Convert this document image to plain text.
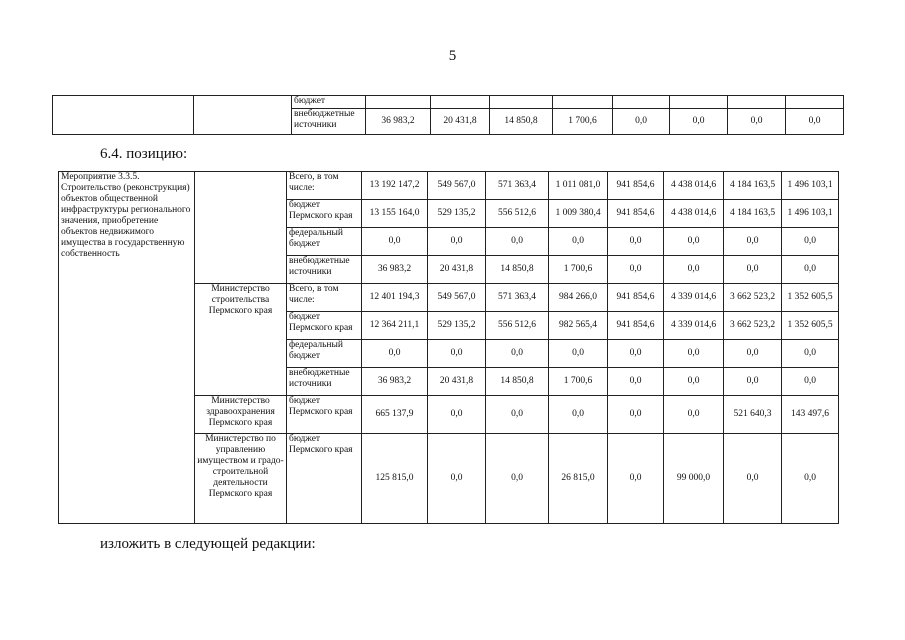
5
		бюджет								
		внебюджетные источники	36 983,2	20 431,8	14 850,8	1 700,6	0,0	0,0	0,0	0,0
6.4. позицию:
Мероприятие 3.3.5. Строительство (реконструкция) объектов общественной инфраструктуры регионального значения, приобретение объектов недвижимого имущества в государственную собственность		Всего, в том числе:	13 192 147,2	549 567,0	571 363,4	1 011 081,0	941 854,6	4 438 014,6	4 184 163,5	1 496 103,1
		бюджет Пермского края	13 155 164,0	529 135,2	556 512,6	1 009 380,4	941 854,6	4 438 014,6	4 184 163,5	1 496 103,1
		федеральный бюджет	0,0	0,0	0,0	0,0	0,0	0,0	0,0	0,0
		внебюджетные источники	36 983,2	20 431,8	14 850,8	1 700,6	0,0	0,0	0,0	0,0
	Министерство строительства Пермского края	Всего, в том числе:	12 401 194,3	549 567,0	571 363,4	984 266,0	941 854,6	4 339 014,6	3 662 523,2	1 352 605,5
		бюджет Пермского края	12 364 211,1	529 135,2	556 512,6	982 565,4	941 854,6	4 339 014,6	3 662 523,2	1 352 605,5
		федеральный бюджет	0,0	0,0	0,0	0,0	0,0	0,0	0,0	0,0
		внебюджетные источники	36 983,2	20 431,8	14 850,8	1 700,6	0,0	0,0	0,0	0,0
	Министерство здравоохранения Пермского края	бюджет Пермского края	665 137,9	0,0	0,0	0,0	0,0	0,0	521 640,3	143 497,6
	Министерство по управлению имуществом и градо-строительной деятельности Пермского края	бюджет Пермского края	125 815,0	0,0	0,0	26 815,0	0,0	99 000,0	0,0	0,0
изложить в следующей редакции:
